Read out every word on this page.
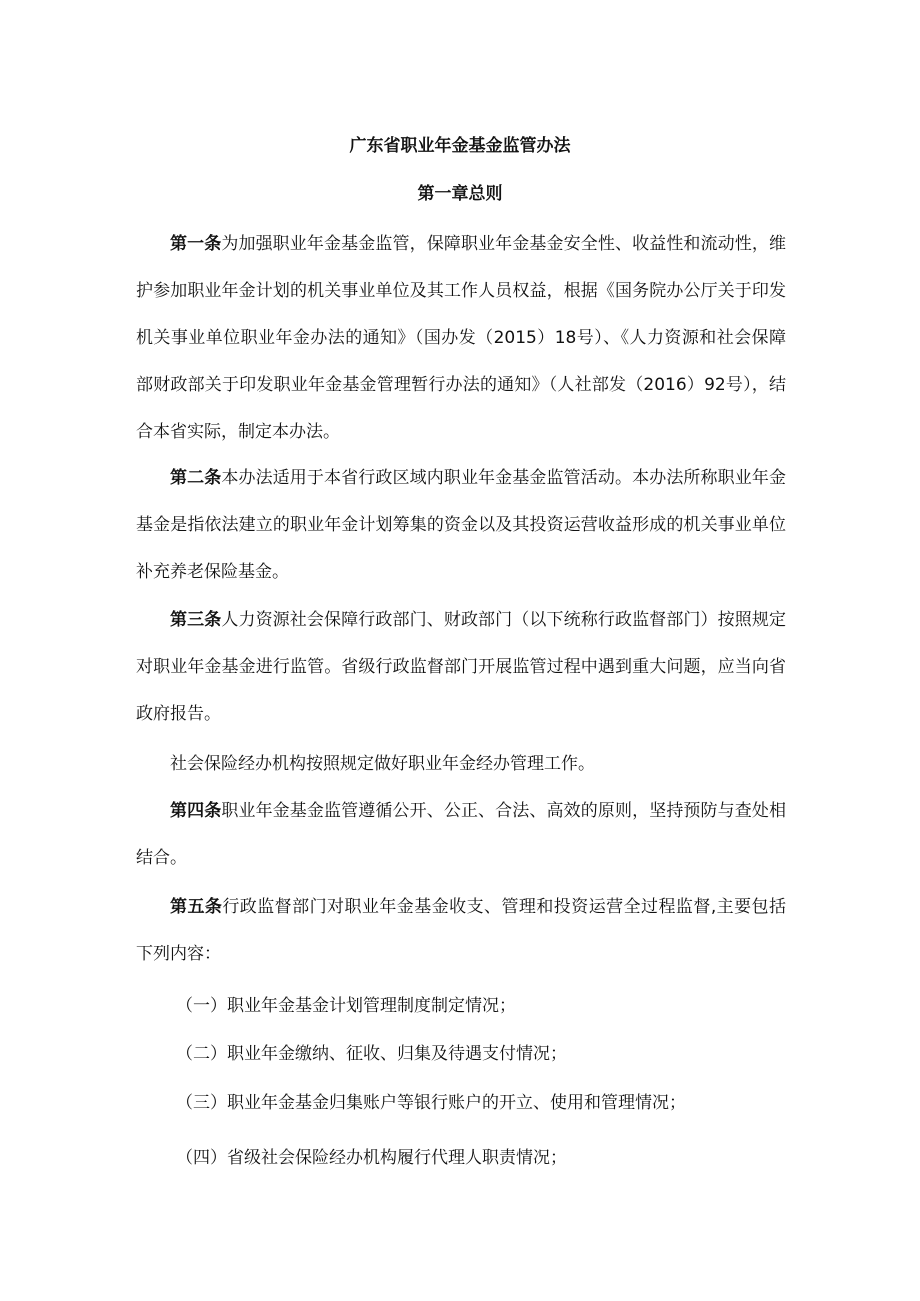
广东省职业年金基金监管办法
第一章总则

第一条为加强职业年金基金监管，保障职业年金基金安全性、收益性和流动性，维护参加职业年金计划的机关事业单位及其工作人员权益，根据《国务院办公厅关于印发机关事业单位职业年金办法的通知》（国办发（2015）18号）、《人力资源和社会保障部财政部关于印发职业年金基金管理暂行办法的通知》（人社部发（2016）92号），结合本省实际，制定本办法。

第二条本办法适用于本省行政区域内职业年金基金监管活动。本办法所称职业年金基金是指依法建立的职业年金计划筹集的资金以及其投资运营收益形成的机关事业单位补充养老保险基金。

第三条人力资源社会保障行政部门、财政部门（以下统称行政监督部门）按照规定对职业年金基金进行监管。省级行政监督部门开展监管过程中遇到重大问题，应当向省政府报告。

社会保险经办机构按照规定做好职业年金经办管理工作。

第四条职业年金基金监管遵循公开、公正、合法、高效的原则，坚持预防与查处相结合。

第五条行政监督部门对职业年金基金收支、管理和投资运营全过程监督,主要包括下列内容：

（一）职业年金基金计划管理制度制定情况；

（二）职业年金缴纳、征收、归集及待遇支付情况；

（三）职业年金基金归集账户等银行账户的开立、使用和管理情况；

（四）省级社会保险经办机构履行代理人职责情况；
